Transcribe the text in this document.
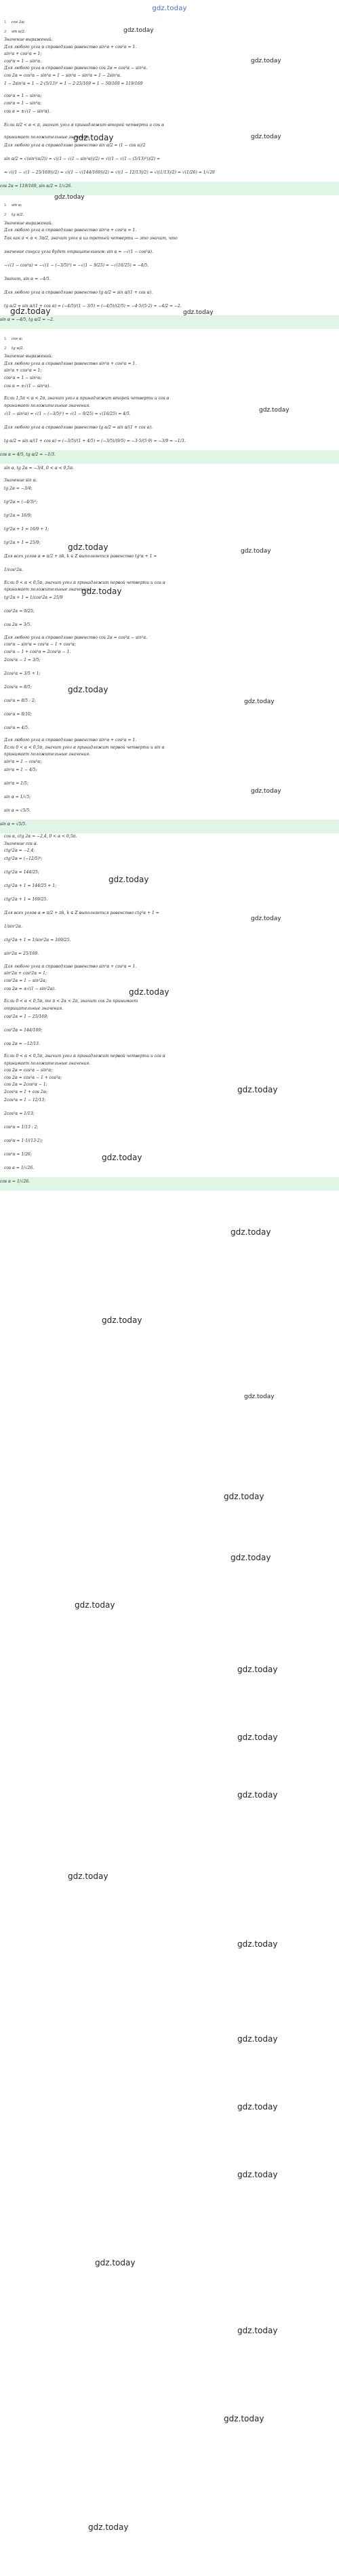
gdz.today
1	cos 2α;
2	sin α/2.
Значение выражений.
Для любого угла α справедливо равенство sin²α + cos²α = 1.
sin²α + cos²α = 1;
cos²α = 1 − sin²α.
Для любого угла α справедливо равенство cos 2α = cos²α − sin²α.
cos 2α = cos²α − sin²α = 1 − sin²α − sin²α = 1 − 2sin²α.
1 − 2sin²α = 1 − 2·(5/13)² = 1 − 2·25/169 = 1 − 50/169 = 119/169
cos²α = 1 − sin²α;
cos²α = 1 − sin²α;
cos α = ±√(1 − sin²α).
Если π/2 < α < π, значит угол α принадлежит второй четверти и cos α
принимает положительные значения.
Для любого угла α справедливо равенство sin α/2 = (1 − cos α)/2
sin α/2 = √(sin²(α/2)) = √((1 − √(1 − sin²α))/2) = √((1 − √(1 − (5/13)²))/2) =
= √((1 − √(1 − 25/169))/2) = √((1 − √(144/169))/2) = √((1 − 12/13)/2) = √((1/13)/2) = √(1/26) = 1/√26
cos 2α = 119/169, sin α/2 = 1/√26.
1	sin α;
2	tg α/2.
Значение выражений.
Для любого угла α справедливо равенство sin²α + cos²α = 1.
Так как π < α < 3π/2, значит угол α из третьей четверти — это значит, что
значение синуса угла будет отрицательным: sin α = −√(1 − cos²α).
−√(1 − cos²α) = −√(1 − (−3/5)²) = −√(1 − 9/25) = −√(16/25) = −4/5.
Значит, sin α = −4/5.
Для любого угла α справедливо равенство tg α/2 = sin α/(1 + cos α).
tg α/2 = sin α/(1 + cos α) = (−4/5)/(1 − 3/5) = (−4/5)/(2/5) = −4·5/(5·2) = −4/2 = −2.
sin α = −4/5, tg α/2 = −2.
1	cos α;
2	tg α/2.
Значение выражений.
Для любого угла α справедливо равенство sin²α + cos²α = 1.
sin²α + cos²α = 1;
cos²α = 1 − sin²α;
cos α = ±√(1 − sin²α).
Если 1,5π < α < 2π, значит угол α принадлежит второй четверти и cos α
принимает положительные значения.
√(1 − sin²α) = √(1 − (−3/5)²) = √(1 − 9/25) = √(16/25) = 4/5.
Для любого угла α справедливо равенство tg α/2 = sin α/(1 + cos α).
tg α/2 = sin α/(1 + cos α) = (−3/5)/(1 + 4/5) = (−3/5)/(9/5) = −3·5/(5·9) = −3/9 = −1/3.
cos α = 4/5, tg α/2 = −1/3.
sin α, tg 2α = −3/4, 0 < α < 0,5π.
Значение sin α.
tg 2α = −3/4;
tg²2α = (−4/3)²;
tg²2α = 16/9;
tg²2α + 1 = 16/9 + 1;
tg²2α + 1 = 25/9;
Для всех углов α ≠ π/2 + πk, k ∈ Z выполняется равенство tg²α + 1 =
1/cos²2α.
Если 0 < α < 0,5π, значит угол α принадлежит первой четверти и cos α
принимает положительные значения.
tg²2α + 1 = 1/cos²2α = 25/9
cos²2α = 9/25;
cos 2α = 3/5.
Для любого угла α справедливо равенство cos 2α = cos²α − sin²α.
cos²α − sin²α = cos²α − 1 + cos²α;
cos²α − 1 + cos²α = 2cos²α − 1.
2cos²α − 1 = 3/5;
2cos²α = 3/5 + 1;
2cos²α = 8/5;
cos²α = 8/5 : 2;
cos²α = 8/10;
cos²α = 4/5.
Для любого угла α справедливо равенство sin²α + cos²α = 1.
Если 0 < α < 0,5π, значит угол α принадлежит первой четверти и sin α
принимает положительные значения.
sin²α = 1 − cos²α;
sin²α = 1 − 4/5;
sin²α = 1/5;
sin α = 1/√5;
sin α = √5/5.
sin α = √5/5.
cos α, ctg 2α = −2,4, 0 < α < 0,5π.
Значение cos α.
ctg²2α = −2,4;
ctg²2α = (−12/5)²;
ctg²2α = 144/25;
ctg²2α + 1 = 144/25 + 1;
ctg²2α + 1 = 169/25.
Для всех углов α ≠ π/2 + πk, k ∈ Z выполняется равенство ctg²α + 1 =
1/sin²2α.
ctg²2α + 1 = 1/sin²2α = 169/25.
sin²2α = 25/169.
Для любого угла α справедливо равенство sin²α + cos²α = 1.
sin²2α + cos²2α = 1;
cos²2α = 1 − sin²2α;
cos 2α = ±√(1 − sin²2α).
Если 0 < α < 0,5π, то π < 2α < 2π, значит cos 2α принимает
отрицательные значения.
cos²2α = 1 − 25/169;
cos²2α = 144/169;
cos 2α = −12/13.
Если 0 < α < 0,5π, значит угол α принадлежит первой четверти и cos α
принимает положительные значения.
cos 2α = cos²α − sin²α;
cos 2α = cos²α − 1 + cos²α;
cos 2α = 2cos²α − 1;
2cos²α = 1 + cos 2α;
2cos²α = 1 − 12/13;
2cos²α = 1/13;
cos²α = 1/13 : 2;
cos²α = 1·1/(13·2);
cos²α = 1/26;
cos α = 1/√26.
cos α = 1/√26.
gdz.today
gdz.today
gdz.today	gdz.today
gdz.today
gdz.today	gdz.today
gdz.today
gdz.today	gdz.today
gdz.today
gdz.today
gdz.today
gdz.today
gdz.today
gdz.today
gdz.today
gdz.today
gdz.today
gdz.today
gdz.today
gdz.today
gdz.today
gdz.today
gdz.today
gdz.today
gdz.today
gdz.today
gdz.today
gdz.today
gdz.today
gdz.today
gdz.today
gdz.today
gdz.today
gdz.today
gdz.today
